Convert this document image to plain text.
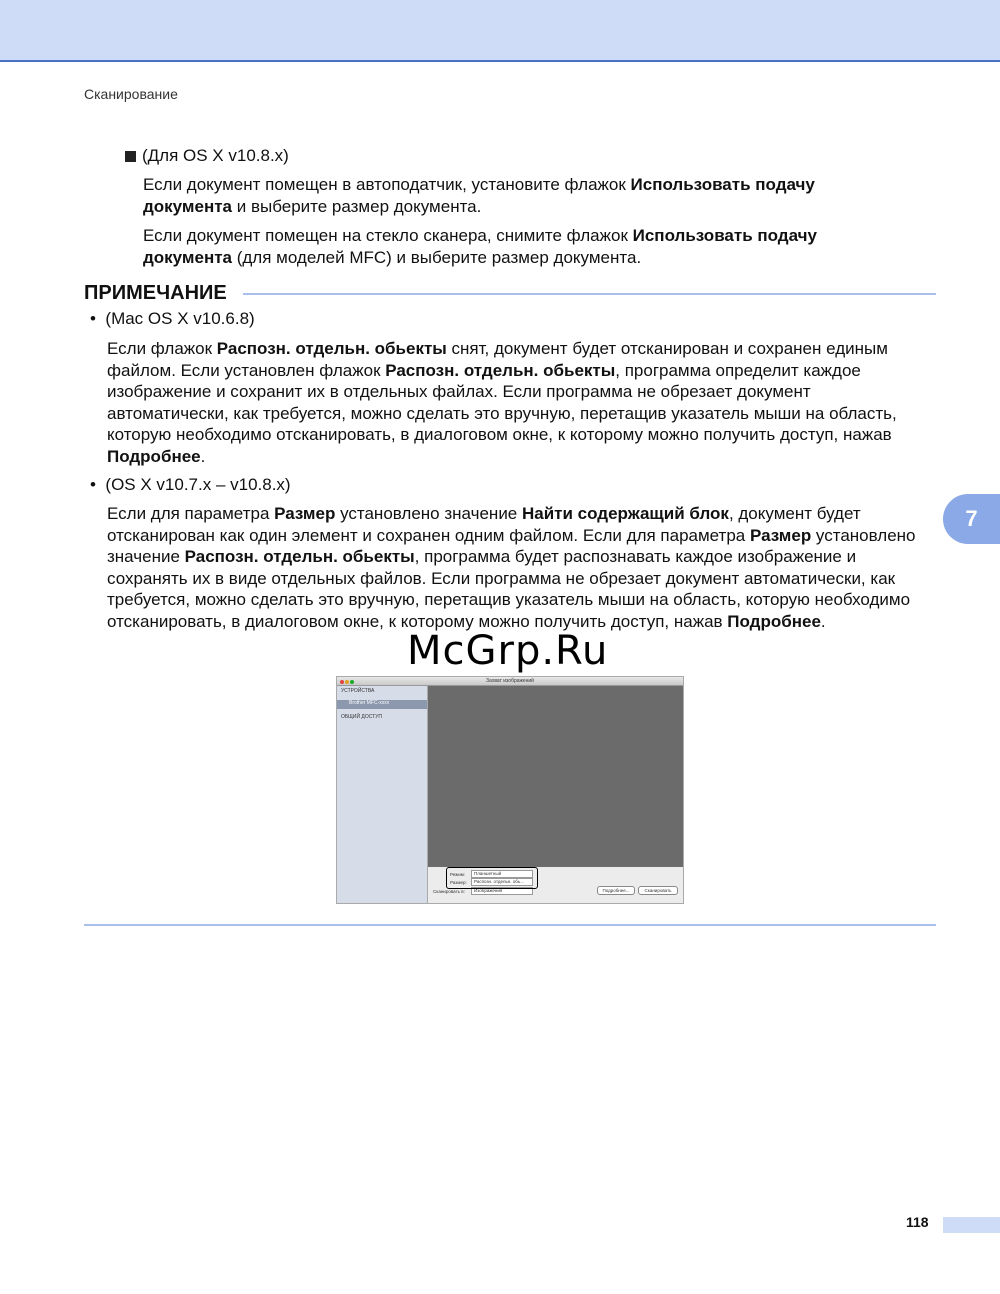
Сканирование
(Для OS X v10.8.x)

Если документ помещен в автоподатчик, установите флажок Использовать подачу документа и выберите размер документа.

Если документ помещен на стекло сканера, снимите флажок Использовать подачу документа (для моделей MFC) и выберите размер документа.

ПРИМЕЧАНИЕ
•  (Mac OS X v10.6.8)

Если флажок Распозн. отдельн. обьекты снят, документ будет отсканирован и сохранен единым файлом. Если установлен флажок Распозн. отдельн. обьекты, программа определит каждое изображение и сохранит их в отдельных файлах. Если программа не обрезает документ автоматически, как требуется, можно сделать это вручную, перетащив указатель мыши на область, которую необходимо отсканировать, в диалоговом окне, к которому можно получить доступ, нажав Подробнее.

•  (OS X v10.7.x – v10.8.x)

Если для параметра Размер установлено значение Найти содержащий блок, документ будет отсканирован как один элемент и сохранен одним файлом. Если для параметра Размер установлено значение Распозн. отдельн. обьекты, программа будет распознавать каждое изображение и сохранять их в виде отдельных файлов. Если программа не обрезает документ автоматически, как требуется, можно сделать это вручную, перетащив указатель мыши на область, которую необходимо отсканировать, в диалоговом окне, к которому можно получить доступ, нажав Подробнее.

McGrp.Ru
Захват изображений
УСТРОЙСТВА
Brother MFC-xxxx
ОБЩИЙ ДОСТУП
Режим:	Планшетный
Размер:	Распозн. отдельн. обь...
Сканировать в:	Изображения	Подробнее...	Сканировать
7
118
